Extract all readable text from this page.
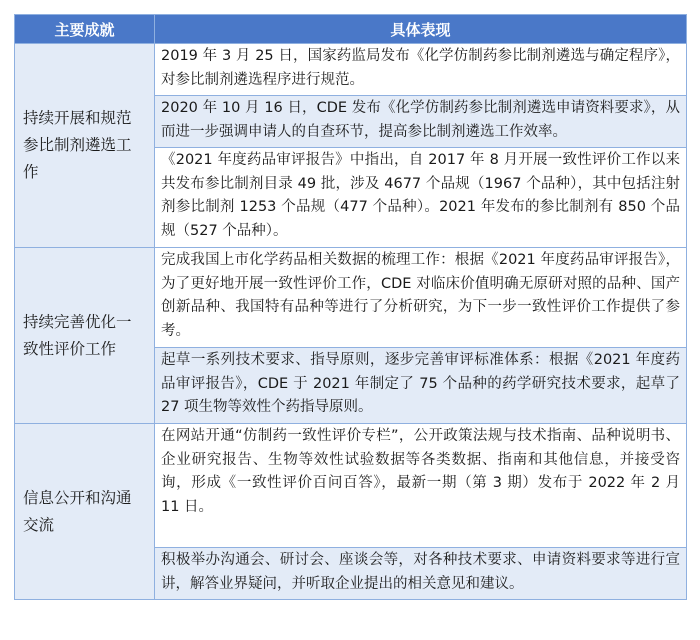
主要成就	具体表现
持续开展和规范参比制剂遴选工作	2019 年 3 月 25 日，国家药监局发布《化学仿制药参比制剂遴选与确定程序》，对参比制剂遴选程序进行规范。
	2020 年 10 月 16 日，CDE 发布《化学仿制药参比制剂遴选申请资料要求》，从而进一步强调申请人的自查环节，提高参比制剂遴选工作效率。
	《2021 年度药品审评报告》中指出，自 2017 年 8 月开展一致性评价工作以来共发布参比制剂目录 49 批，涉及 4677 个品规（1967 个品种），其中包括注射剂参比制剂 1253 个品规（477 个品种）。2021 年发布的参比制剂有 850 个品规（527 个品种）。
持续完善优化一致性评价工作	完成我国上市化学药品相关数据的梳理工作：根据《2021 年度药品审评报告》，为了更好地开展一致性评价工作，CDE 对临床价值明确无原研对照的品种、国产创新品种、我国特有品种等进行了分析研究，为下一步一致性评价工作提供了参考。
	起草一系列技术要求、指导原则，逐步完善审评标准体系：根据《2021 年度药品审评报告》，CDE 于 2021 年制定了 75 个品种的药学研究技术要求，起草了 27 项生物等效性个药指导原则。
信息公开和沟通交流	在网站开通“仿制药一致性评价专栏”，公开政策法规与技术指南、品种说明书、企业研究报告、生物等效性试验数据等各类数据、指南和其他信息，并接受咨询，形成《一致性评价百问百答》，最新一期（第 3 期）发布于 2022 年 2 月 11 日。
	积极举办沟通会、研讨会、座谈会等，对各种技术要求、申请资料要求等进行宣讲，解答业界疑问，并听取企业提出的相关意见和建议。
